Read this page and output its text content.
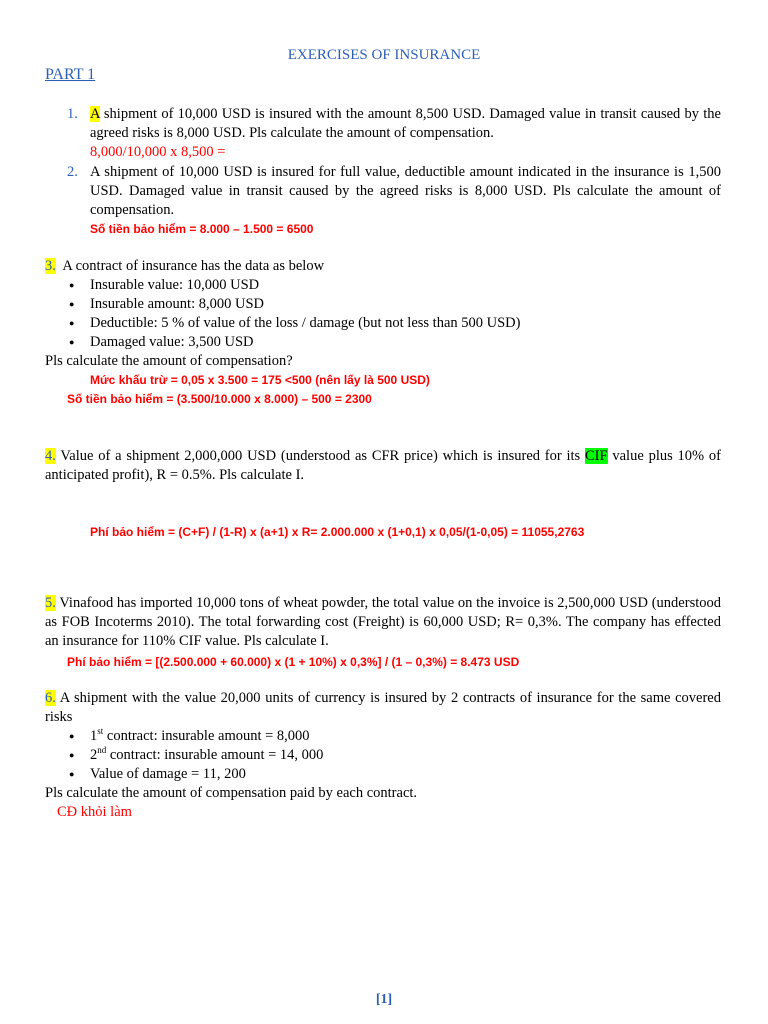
EXERCISES OF INSURANCE
PART 1
1. A shipment of 10,000 USD is insured with the amount 8,500 USD. Damaged value in transit caused by the agreed risks is 8,000 USD. Pls calculate the amount of compensation.
8,000/10,000 x 8,500 =
2. A shipment of 10,000 USD is insured for full value, deductible amount indicated in the insurance is 1,500 USD. Damaged value in transit caused by the agreed risks is 8,000 USD. Pls calculate the amount of compensation.
Số tiền bảo hiểm = 8.000 – 1.500 = 6500
3. A contract of insurance has the data as below
● Insurable value: 10,000 USD
● Insurable amount: 8,000 USD
● Deductible: 5 % of value of the loss / damage (but not less than 500 USD)
● Damaged value: 3,500 USD
Pls calculate the amount of compensation?
Mức khấu trừ = 0,05 x 3.500 = 175 <500 (nên lấy là 500 USD)
Số tiền bảo hiểm = (3.500/10.000 x 8.000) – 500 = 2300
4. Value of a shipment 2,000,000 USD (understood as CFR price) which is insured for its CIF value plus 10% of anticipated profit), R = 0.5%. Pls calculate I.
Phí bảo hiểm = (C+F) / (1-R) x (a+1) x R= 2.000.000 x (1+0,1) x 0,05/(1-0,05) = 11055,2763
5. Vinafood has imported 10,000 tons of wheat powder, the total value on the invoice is 2,500,000 USD (understood as FOB Incoterms 2010). The total forwarding cost (Freight) is 60,000 USD; R= 0,3%. The company has effected an insurance for 110% CIF value. Pls calculate I.
Phí bảo hiểm = [(2.500.000 + 60.000) x (1 + 10%) x 0,3%] / (1 – 0,3%) = 8.473 USD
6. A shipment with the value 20,000 units of currency is insured by 2 contracts of insurance for the same covered risks
● 1st contract: insurable amount = 8,000
● 2nd contract: insurable amount = 14, 000
● Value of damage = 11, 200
Pls calculate the amount of compensation paid by each contract.
CĐ khỏi làm
[1]
